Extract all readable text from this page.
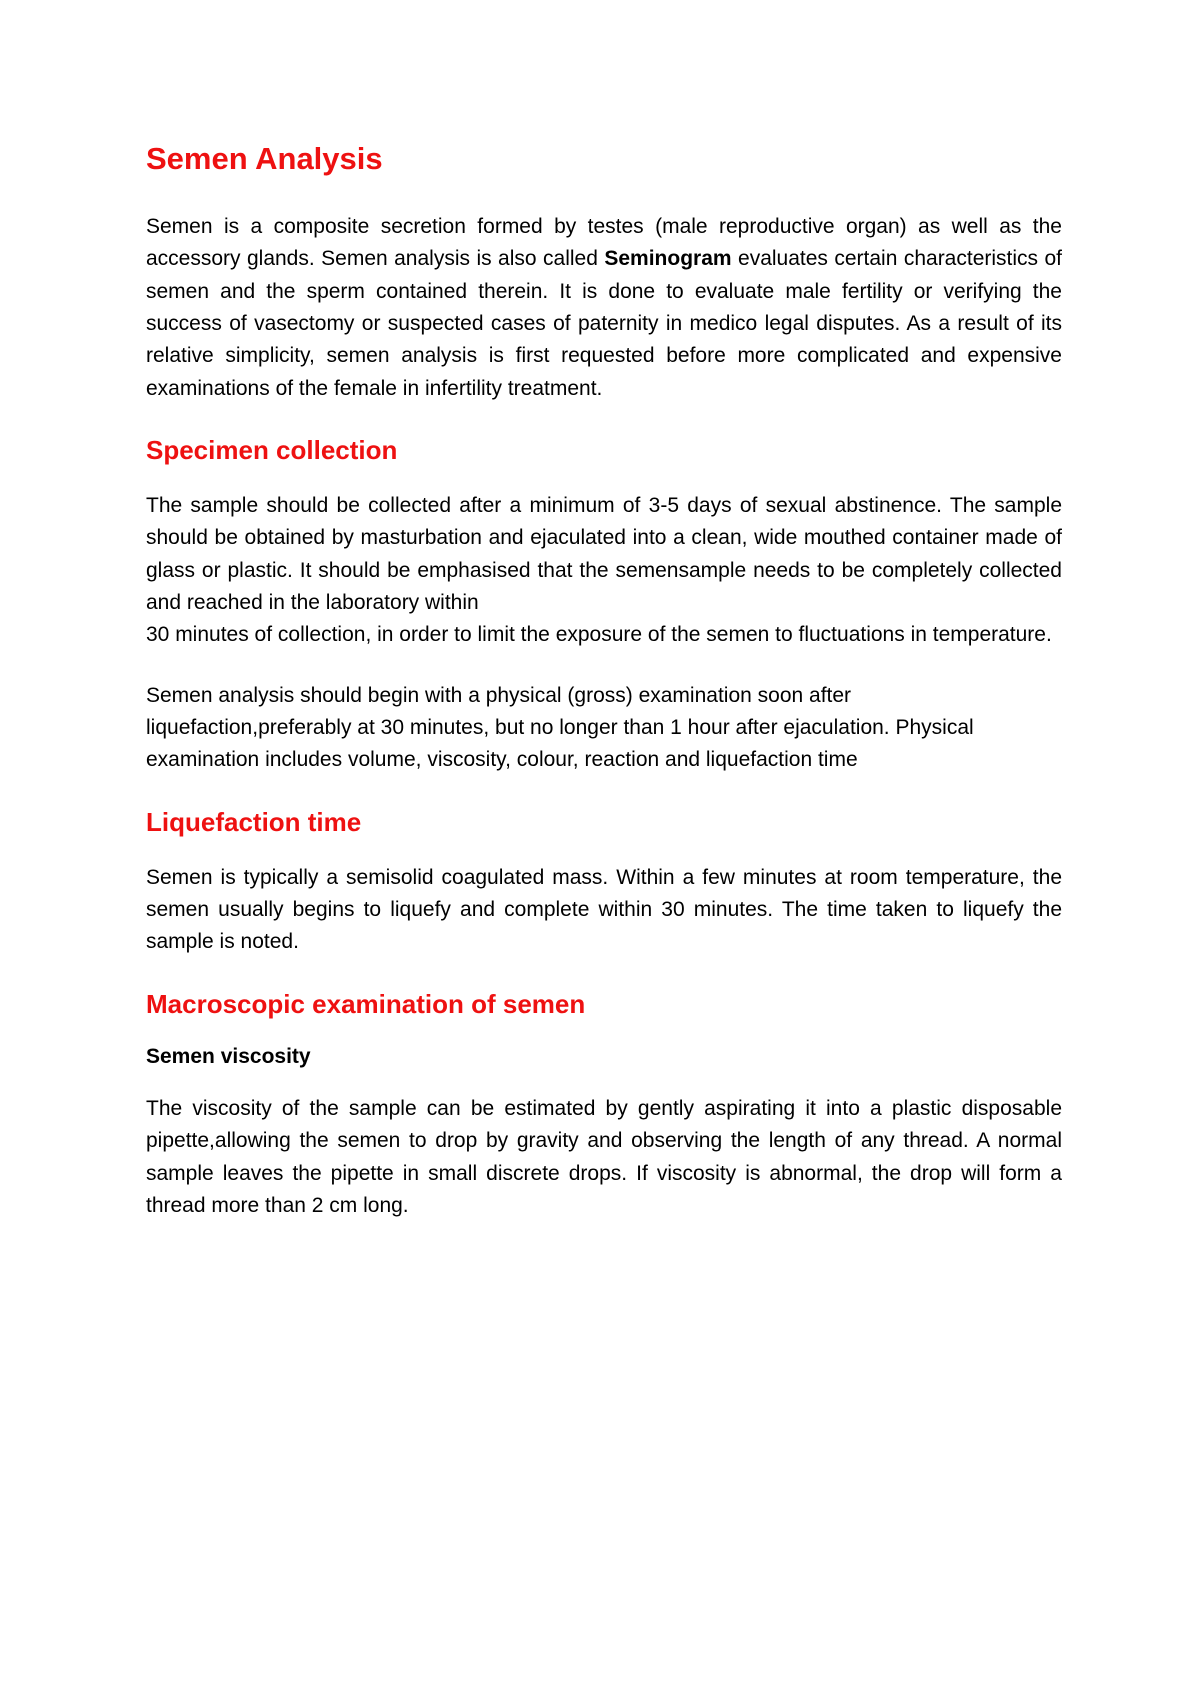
Semen Analysis

Semen is a composite secretion formed by testes (male reproductive organ) as well as the accessory glands. Semen analysis is also called Seminogram evaluates certain characteristics of semen and the sperm contained therein. It is done to evaluate male fertility or verifying the success of vasectomy or suspected cases of paternity in medico legal disputes. As a result of its relative simplicity, semen analysis is first requested before more complicated and expensive examinations of the female in infertility treatment.

Specimen collection

The sample should be collected after a minimum of 3-5 days of sexual abstinence. The sample should be obtained by masturbation and ejaculated into a clean, wide mouthed container made of glass or plastic. It should be emphasised that the semensample needs to be completely collected and reached in the laboratory within

30 minutes of collection, in order to limit the exposure of the semen to fluctuations in temperature.

Semen analysis should begin with a physical (gross) examination soon after liquefaction,preferably at 30 minutes, but no longer than 1 hour after ejaculation. Physical examination includes volume, viscosity, colour, reaction and liquefaction time

Liquefaction time

Semen is typically a semisolid coagulated mass. Within a few minutes at room temperature, the semen usually begins to liquefy and complete within 30 minutes. The time taken to liquefy the sample is noted.

Macroscopic examination of semen
Semen viscosity

The viscosity of the sample can be estimated by gently aspirating it into a plastic disposable pipette,allowing the semen to drop by gravity and observing the length of any thread. A normal sample leaves the pipette in small discrete drops. If viscosity is abnormal, the drop will form a thread more than 2 cm long.
